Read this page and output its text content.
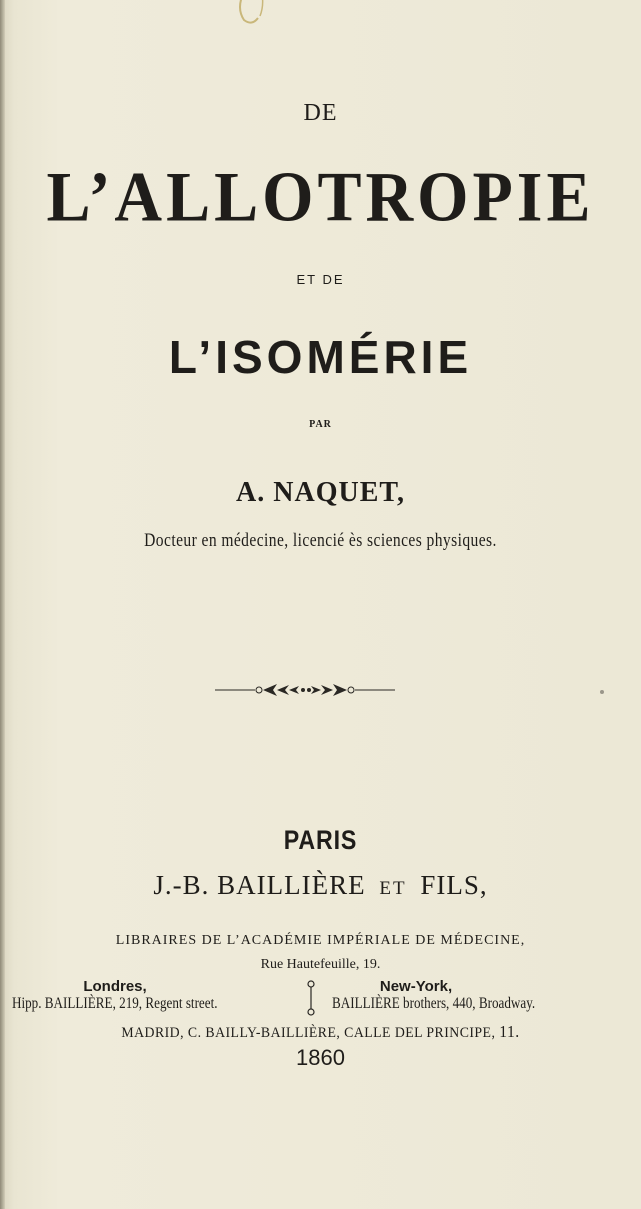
DE
L’ALLOTROPIE
ET DE
L’ISOMÉRIE
PAR
A. NAQUET,
Docteur en médecine, licencié ès sciences physiques.
PARIS
J.-B. BAILLIÈRE ET FILS,
LIBRAIRES DE L’ACADÉMIE IMPÉRIALE DE MÉDECINE,
Rue Hautefeuille, 19.
Londres,
Hipp. BAILLIÈRE, 219, Regent street.
New-York,
BAILLIÈRE brothers, 440, Broadway.
MADRID, C. BAILLY-BAILLIÈRE, CALLE DEL PRINCIPE, 11.
1860
